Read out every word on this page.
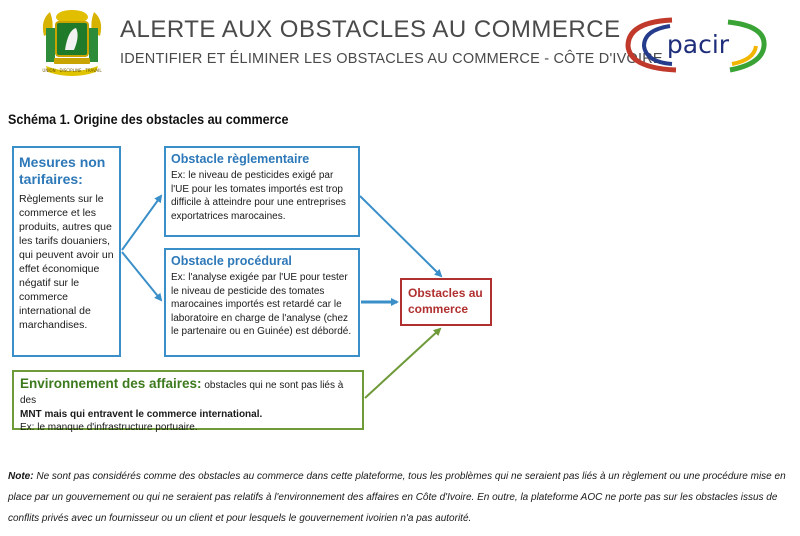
UNION · DISCIPLINE · TRAVAIL
ALERTE AUX OBSTACLES AU COMMERCE
IDENTIFIER ET ÉLIMINER LES OBSTACLES AU COMMERCE - CÔTE D'IVOIRE pacir
Schéma 1. Origine des obstacles au commerce
Mesures non tarifaires:
Règlements sur le commerce et les produits, autres que les tarifs douaniers, qui peuvent avoir un effet économique négatif sur le commerce international de marchandises.
Obstacle règlementaire
Ex: le niveau de pesticides exigé par l'UE pour les tomates importés est trop difficile à atteindre pour une entreprises exportatrices marocaines.
Obstacle procédural
Ex: l'analyse exigée par l'UE pour tester le niveau de pesticide des tomates marocaines importés est retardé car le laboratoire en charge de l'analyse (chez le partenaire ou en Guinée) est débordé.
Obstacles au commerce
Environnement des affaires: obstacles qui ne sont pas liés à des
MNT mais qui entravent le commerce international.
Ex: le manque d'infrastructure portuaire.
Note: Ne sont pas considérés comme des obstacles au commerce dans cette plateforme, tous les problèmes qui ne seraient pas liés à un règlement ou une procédure mise en place par un gouvernement ou qui ne seraient pas relatifs à l'environnement des affaires en Côte d'Ivoire. En outre, la plateforme AOC ne porte pas sur les obstacles issus de conflits privés avec un fournisseur ou un client et pour lesquels le gouvernement ivoirien n'a pas autorité.
